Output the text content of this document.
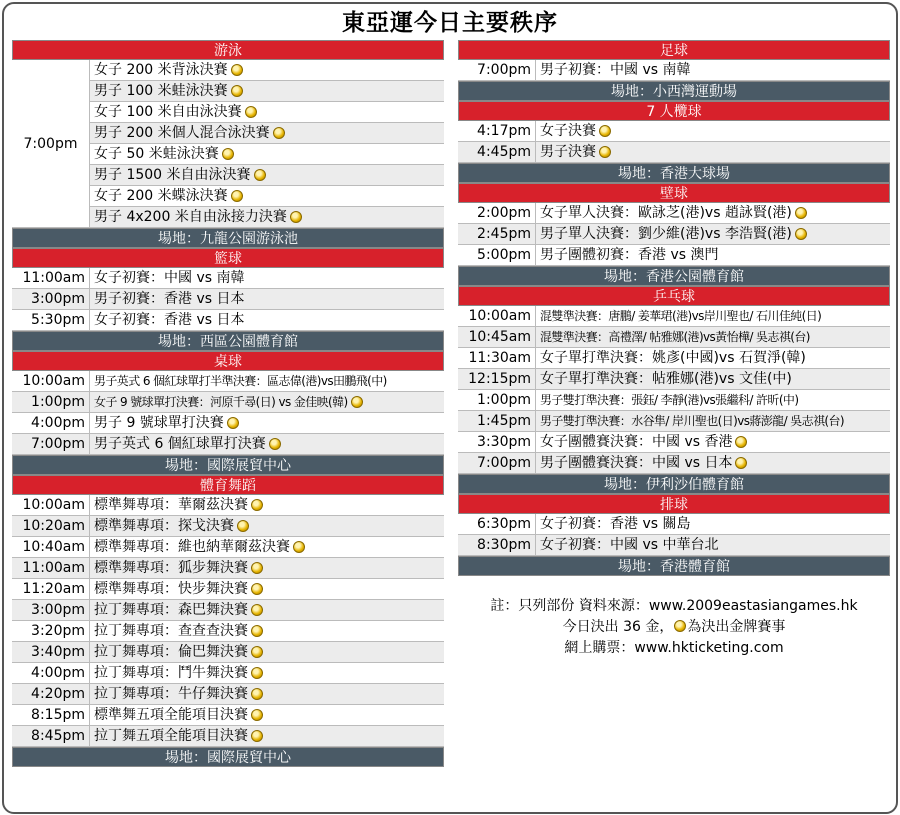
東亞運今日主要秩序
游泳
7:00pm
女子 200 米背泳決賽
男子 100 米蛙泳決賽
女子 100 米自由泳決賽
男子 200 米個人混合泳決賽
女子 50 米蛙泳決賽
男子 1500 米自由泳決賽
女子 200 米蝶泳決賽
男子 4x200 米自由泳接力決賽
場地：九龍公園游泳池
籃球
11:00am 女子初賽：中國 vs 南韓
3:00pm 男子初賽：香港 vs 日本
5:30pm 女子初賽：香港 vs 日本
場地：西區公園體育館
桌球
10:00am 男子英式 6 個紅球單打半準決賽：區志偉(港)vs田鵬飛(中)
1:00pm 女子 9 號球單打決賽：河原千尋(日) vs 金佳映(韓)
4:00pm 男子 9 號球單打決賽
7:00pm 男子英式 6 個紅球單打決賽
場地：國際展貿中心
體育舞蹈
10:00am 標準舞專項：華爾茲決賽
10:20am 標準舞專項：探戈決賽
10:40am 標準舞專項：維也納華爾茲決賽
11:00am 標準舞專項：狐步舞決賽
11:20am 標準舞專項：快步舞決賽
3:00pm 拉丁舞專項：森巴舞決賽
3:20pm 拉丁舞專項：查查查決賽
3:40pm 拉丁舞專項：倫巴舞決賽
4:00pm 拉丁舞專項：鬥牛舞決賽
4:20pm 拉丁舞專項：牛仔舞決賽
8:15pm 標準舞五項全能項目決賽
8:45pm 拉丁舞五項全能項目決賽
場地：國際展貿中心
足球
7:00pm 男子初賽：中國 vs 南韓
場地：小西灣運動場
7 人欖球
4:17pm 女子決賽
4:45pm 男子決賽
場地：香港大球場
壁球
2:00pm 女子單人決賽：歐詠芝(港)vs 趙詠賢(港)
2:45pm 男子單人決賽：劉少維(港)vs 李浩賢(港)
5:00pm 男子團體初賽：香港 vs 澳門
場地：香港公園體育館
乒乓球
10:00am 混雙準決賽：唐鵬/ 姜華珺(港)vs岸川聖也/ 石川佳純(日)
10:45am 混雙準決賽：高禮澤/ 帖雅娜(港)vs黃怡樺/ 吳志祺(台)
11:30am 女子單打準決賽：姚彥(中國)vs 石賀淨(韓)
12:15pm 女子單打準決賽：帖雅娜(港)vs 文佳(中)
1:00pm 男子雙打準決賽：張鈺/ 李靜(港)vs張繼科/ 許昕(中)
1:45pm 男子雙打準決賽：水谷隼/ 岸川聖也(日)vs蔣澎龍/ 吳志祺(台)
3:30pm 女子團體賽決賽：中國 vs 香港
7:00pm 男子團體賽決賽：中國 vs 日本
場地：伊利沙伯體育館
排球
6:30pm 女子初賽：香港 vs 關島
8:30pm 女子初賽：中國 vs 中華台北
場地：香港體育館
註：只列部份 資料來源：www.2009eastasiangames.hk
今日決出 36 金， 為決出金牌賽事
網上購票：www.hkticketing.com
